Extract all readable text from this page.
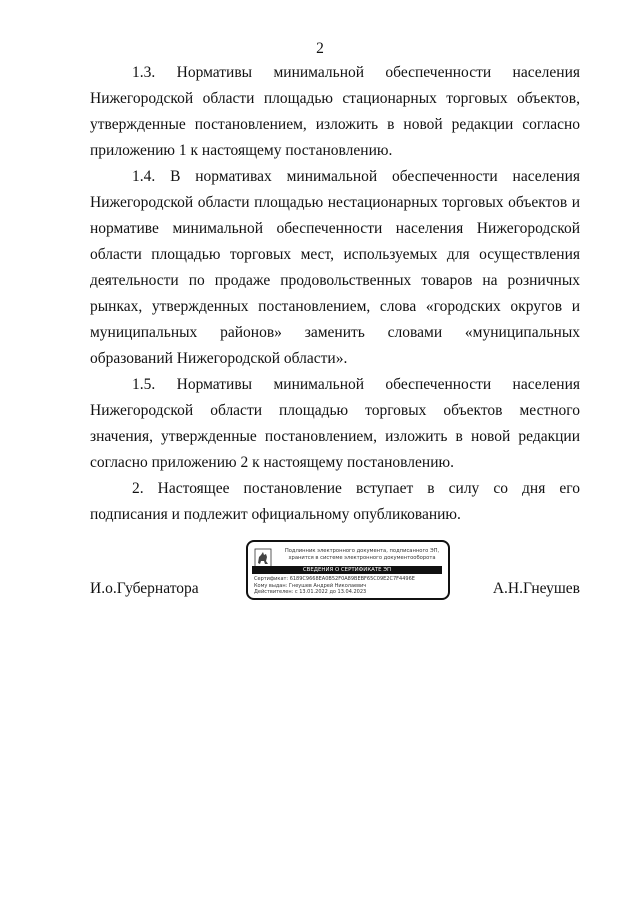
2

1.3. Нормативы минимальной обеспеченности населения Нижегородской области площадью стационарных торговых объектов, утвержденные постановлением, изложить в новой редакции согласно приложению 1 к настоящему постановлению.

1.4. В нормативах минимальной обеспеченности населения Нижегородской области площадью нестационарных торговых объектов и нормативе минимальной обеспеченности населения Нижегородской области площадью торговых мест, используемых для осуществления деятельности по продаже продовольственных товаров на розничных рынках, утвержденных постановлением, слова «городских округов и муниципальных районов» заменить словами «муниципальных образований Нижегородской области».

1.5. Нормативы минимальной обеспеченности населения Нижегородской области площадью торговых объектов местного значения, утвержденные постановлением, изложить в новой редакции согласно приложению 2 к настоящему постановлению.

2. Настоящее постановление вступает в силу со дня его подписания и подлежит официальному опубликованию.

И.о.Губернатора	А.Н.Гнеушев
Подлинник электронного документа, подписанного ЭП,
хранится в системе электронного документооборота
СВЕДЕНИЯ О СЕРТИФИКАТЕ ЭП
Сертификат: 6189C9668EA0B52F0A89BEBF65C09E2C7F4496E
Кому выдан: Гнеушев Андрей Николаевич
Действителен: с 13.01.2022 до 13.04.2023
